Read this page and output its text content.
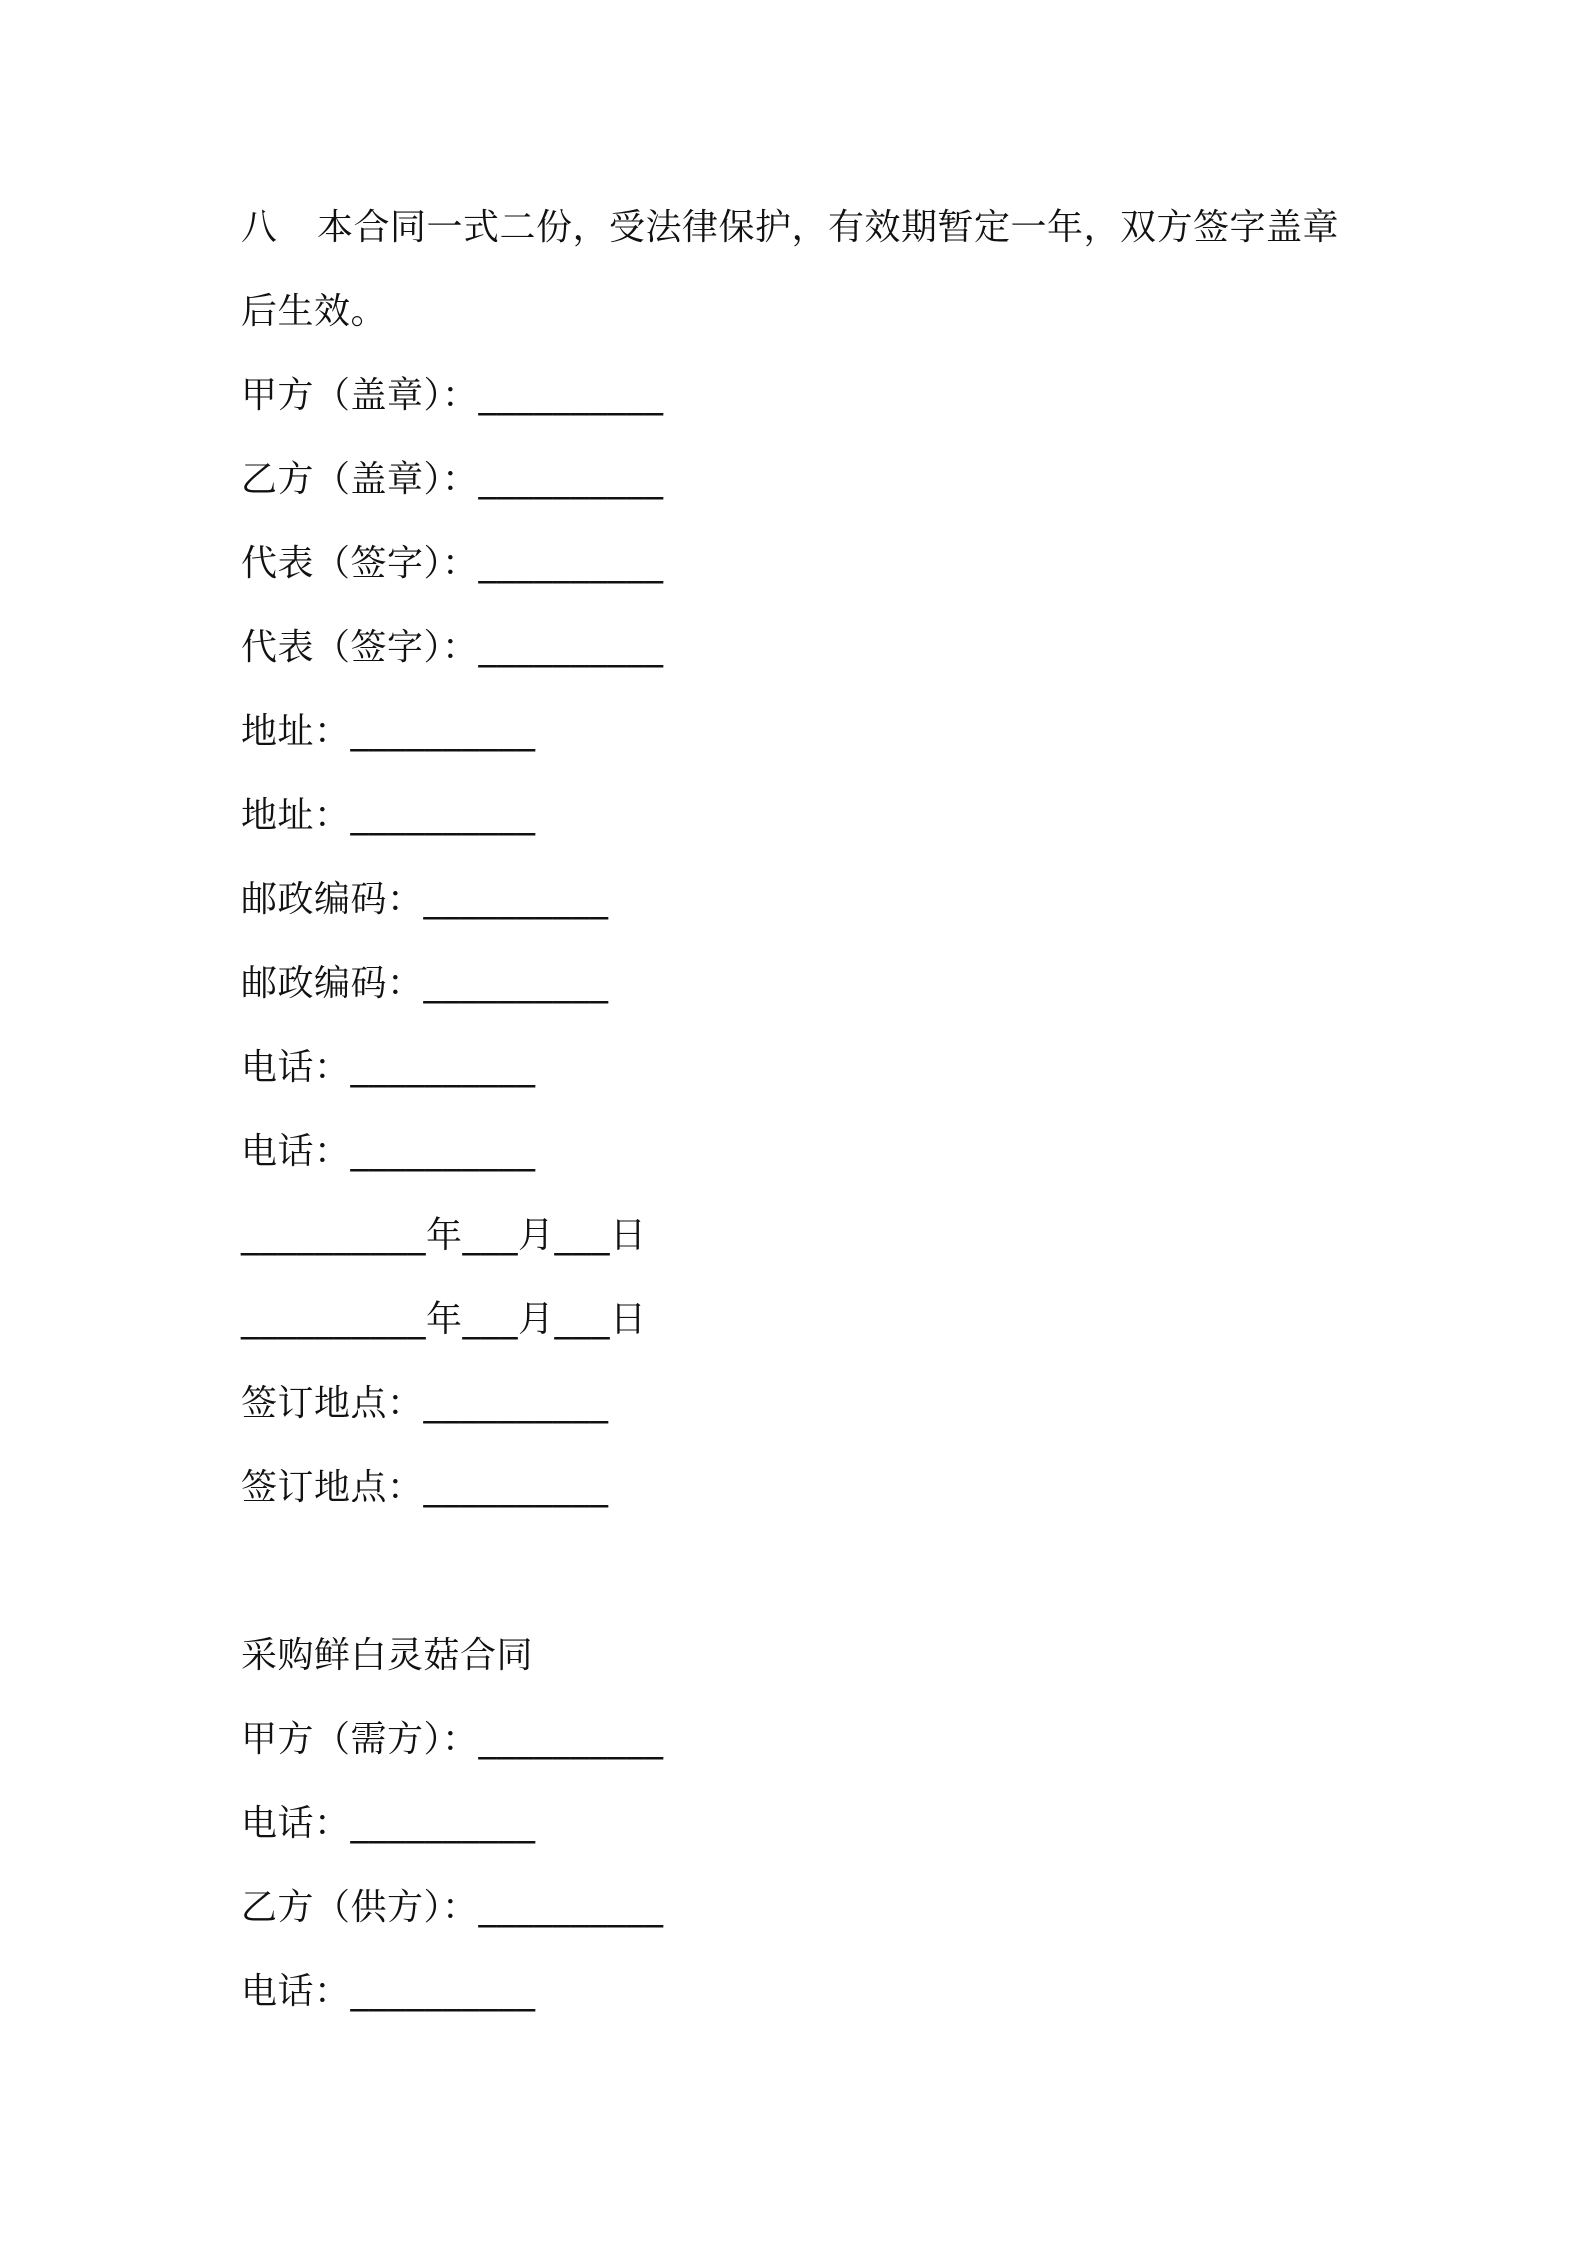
八 本合同一式二份，受法律保护，有效期暂定一年，双方签字盖章
后生效。
甲方（盖章）：__________
乙方（盖章）：__________
代表（签字）：__________
代表（签字）：__________
地址：__________
地址：__________
邮政编码：__________
邮政编码：__________
电话：__________
电话：__________
__________年___月___日
__________年___月___日
签订地点：__________
签订地点：__________
采购鲜白灵菇合同
甲方（需方）：__________
电话：__________
乙方（供方）：__________
电话：__________
